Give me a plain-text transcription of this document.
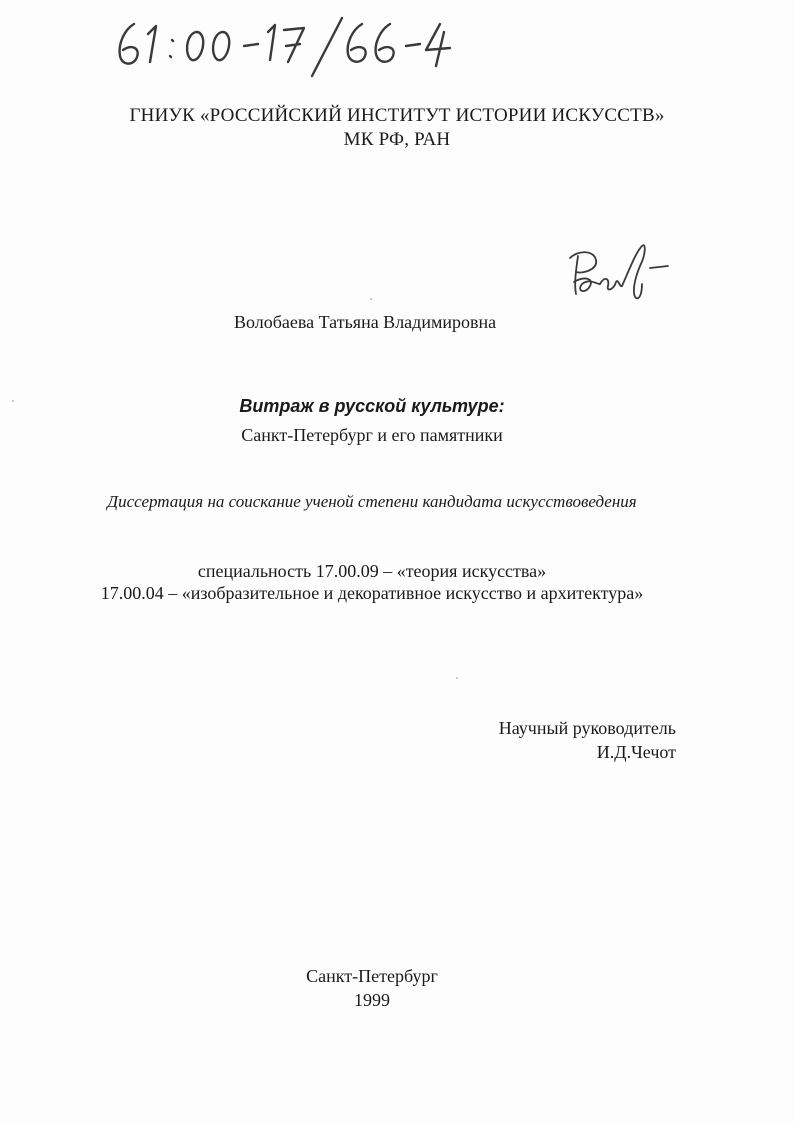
ГНИУК «РОССИЙСКИЙ ИНСТИТУТ ИСТОРИИ ИСКУССТВ»
МК РФ, РАН
Волобаева Татьяна Владимировна
Витраж в русской культуре:
Санкт-Петербург и его памятники
Диссертация на соискание ученой степени кандидата искусствоведения
специальность 17.00.09 – «теория искусства»
17.00.04 – «изобразительное и декоративное искусство и архитектура»
Научный руководитель
И.Д.Чечот
Санкт-Петербург
1999
